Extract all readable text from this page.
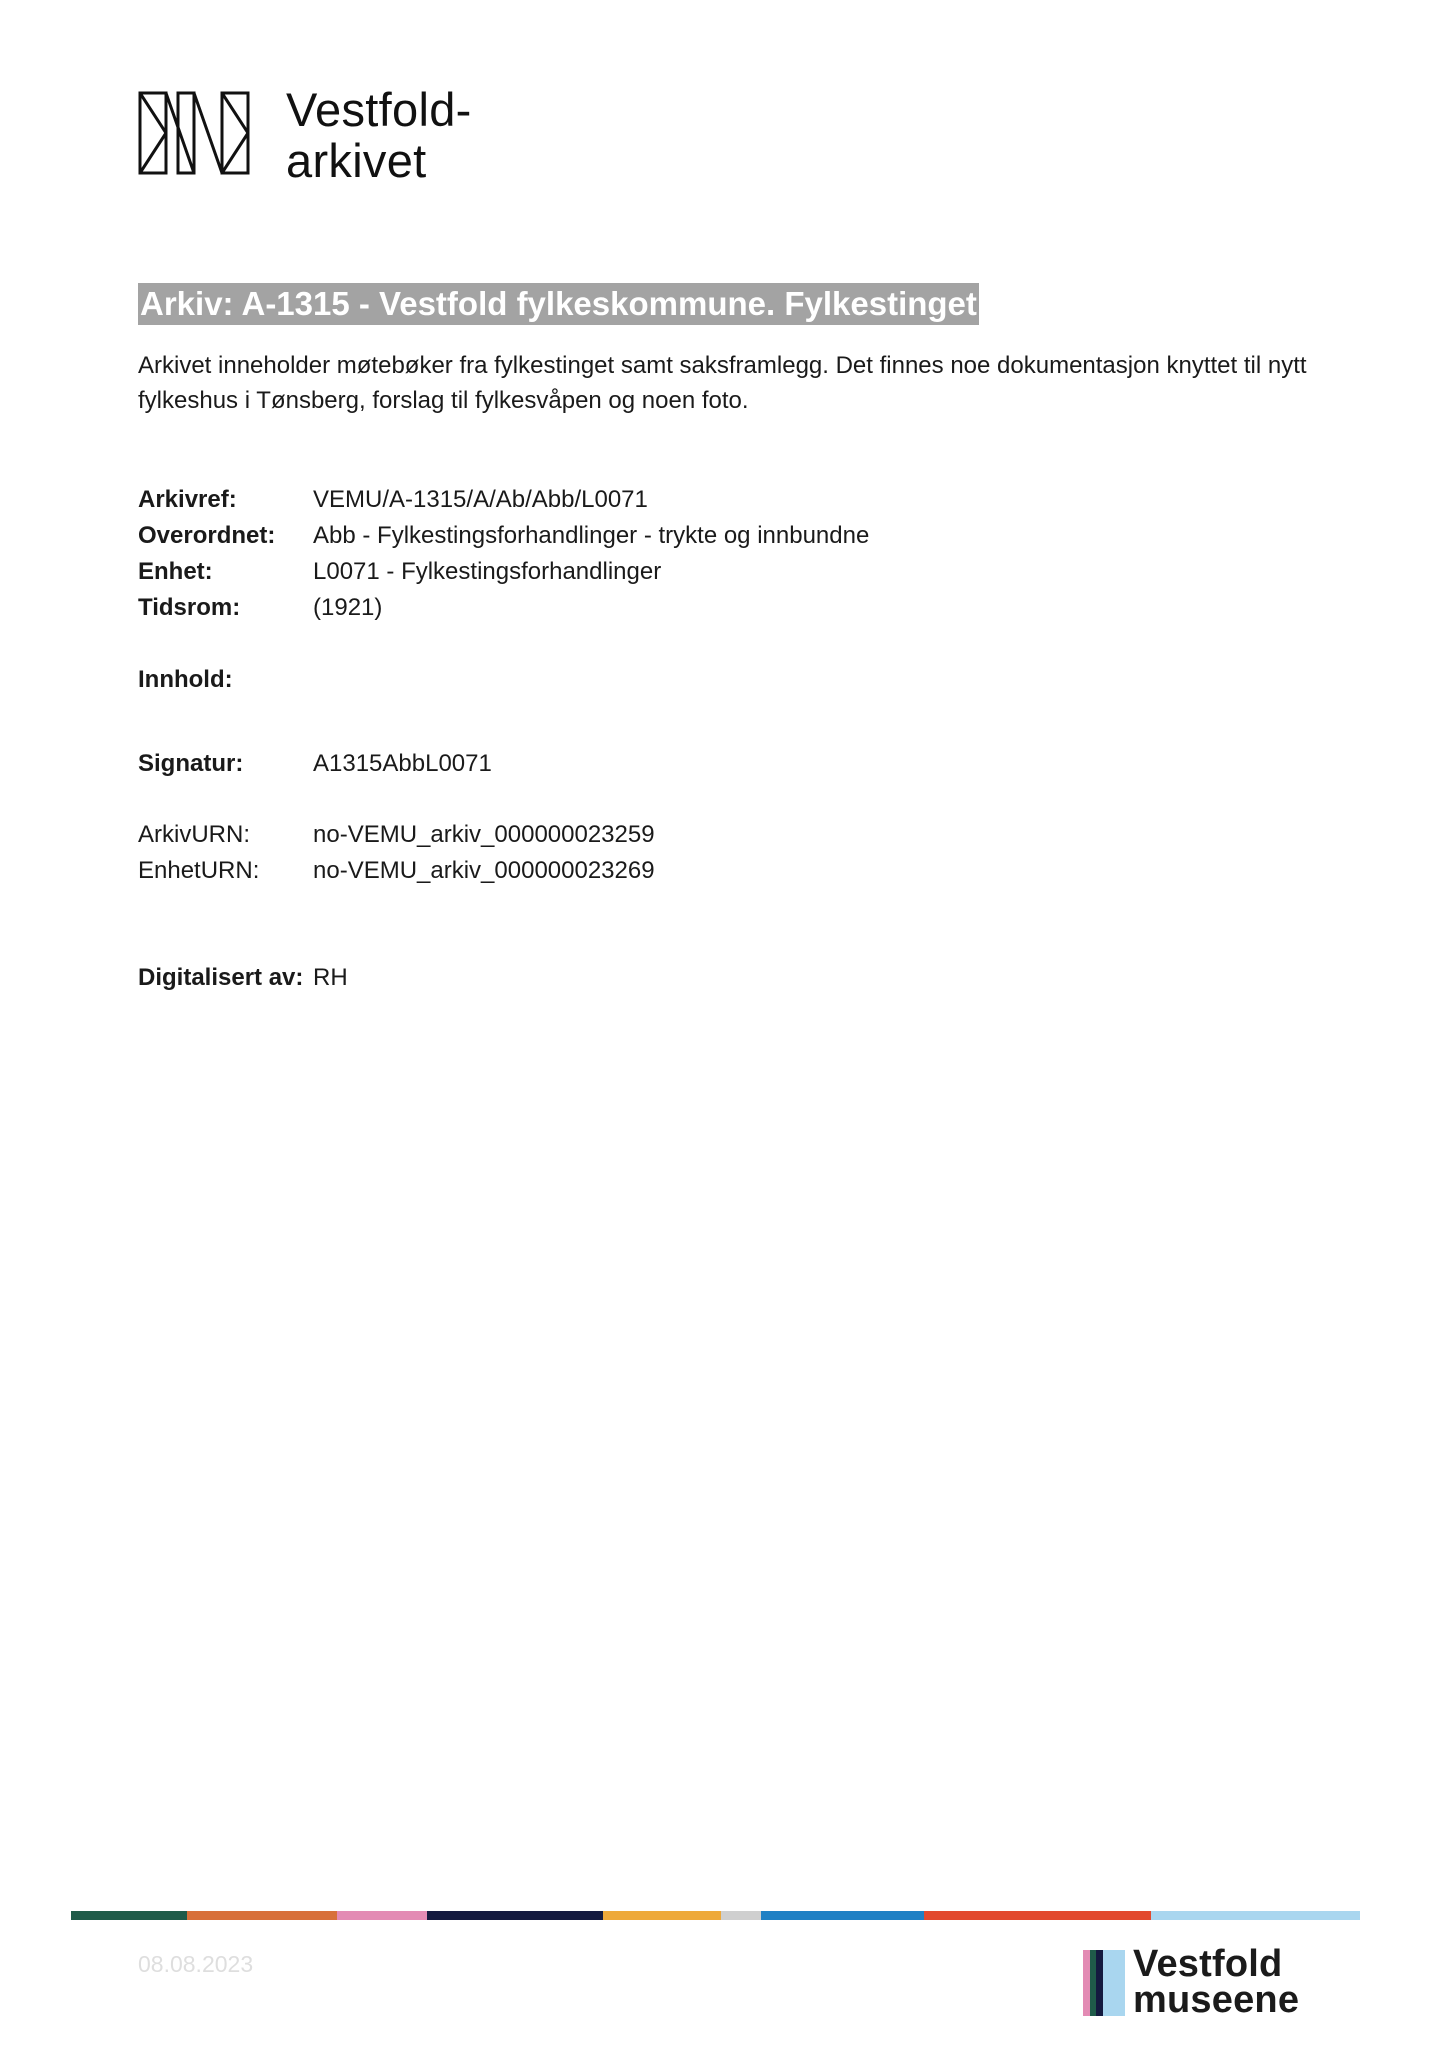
Vestfold-
arkivet
Arkiv: A-1315 - Vestfold fylkeskommune. Fylkestinget
Arkivet inneholder møtebøker fra fylkestinget samt saksframlegg. Det finnes noe dokumentasjon knyttet til nytt fylkeshus i Tønsberg, forslag til fylkesvåpen og noen foto.
Arkivref:	VEMU/A-1315/A/Ab/Abb/L0071
Overordnet: Abb - Fylkestingsforhandlinger - trykte og innbundne
Enhet:	L0071 - Fylkestingsforhandlinger
Tidsrom:	(1921)
Innhold:
Signatur:	A1315AbbL0071
ArkivURN:	no-VEMU_arkiv_000000023259
EnhetURN: no-VEMU_arkiv_000000023269
Digitalisert av: RH
08.08.2023	Vestfold
museene
